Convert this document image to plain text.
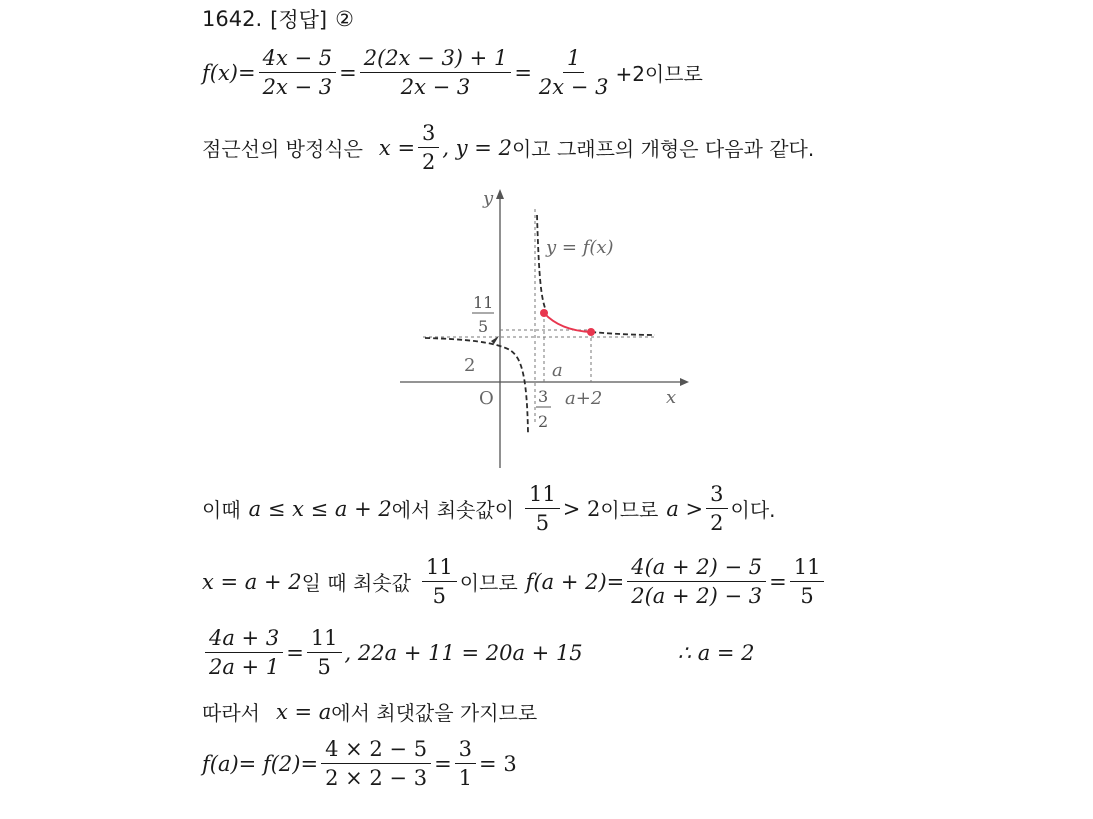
1642. [정답] ②
$f(x)= \frac{4x - 5}{2x - 3} = \frac{2(2x - 3) + 1}{2x - 3} = \frac{1}{2x - 3} +2$이므로
점근선의 방정식은 $x = \frac{3}{2}$ , y = 2 이고 그래프의 개형은 다음과 같다.
y
x
O
y = f(x)
11
5
2	a
a+2
3
2
이때 a ≤ x ≤ a + 2 에서 최솟값이 $\frac{11}{5} > 2$ 이므로 $a > \frac{3}{2}$ 이다.
x = a + 2 일 때 최솟값 $\frac{11}{5}$ 이므로 $f(a + 2)= \frac{4(a + 2) - 5}{2(a + 2) - 3} = \frac{11}{5}$
$\frac{4a + 3}{2a + 1} = \frac{11}{5}$ , 22a + 11 = 20a + 15	∴ a = 2
따라서 x = a 에서 최댓값을 가지므로
$f(a)= f(2)= \frac{4 \times 2 - 5}{2 \times 2 - 3} = \frac{3}{1} = 3$
